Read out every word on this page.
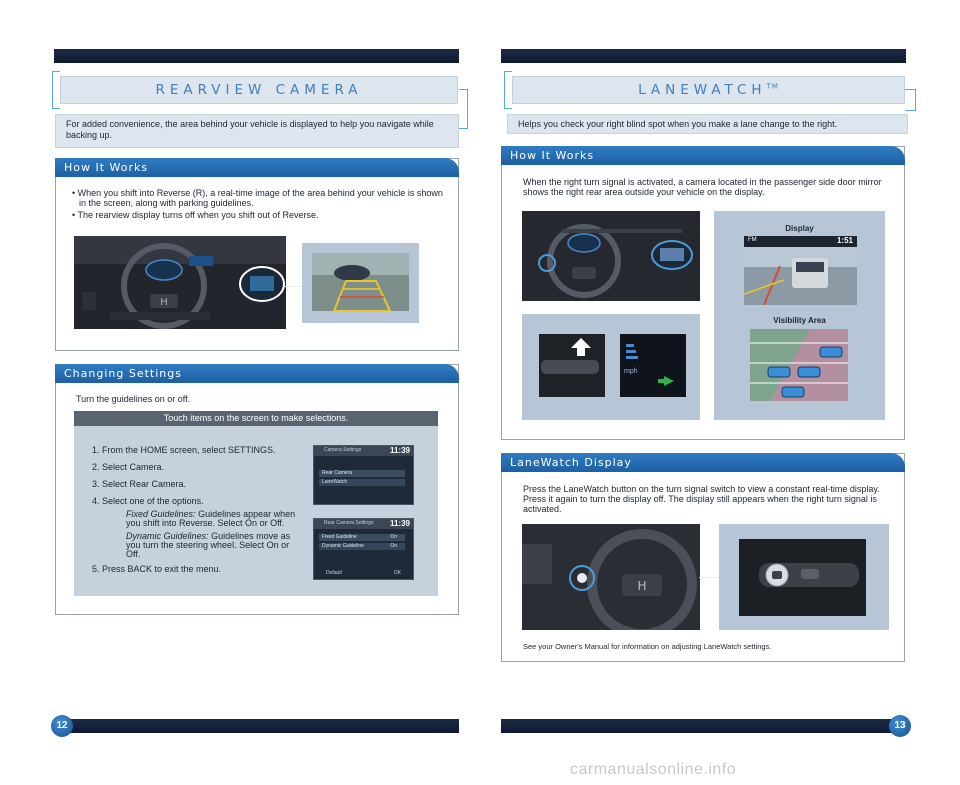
REARVIEW CAMERA
For added convenience, the area behind your vehicle is displayed to help you navigate while backing up.
How It Works
• When you shift into Reverse (R), a real-time image of the area behind your vehicle is shown in the screen, along with parking guidelines.
• The rearview display turns off when you shift out of Reverse.
H
Changing Settings
Turn the guidelines on or off.
Touch items on the screen to make selections.
1. From the HOME screen, select SETTINGS.
2. Select Camera.
3. Select Rear Camera.
4. Select one of the options.
Fixed Guidelines: Guidelines appear when you shift into Reverse. Select On or Off.
Dynamic Guidelines: Guidelines move as you turn the steering wheel. Select On or Off.
5. Press BACK to exit the menu.
Camera Settings	11:39
Rear Camera
LaneWatch
Rear Camera Settings 11:39
Fixed Guideline	On
Dynamic Guideline	On
Default	OK
12
LANEWATCH™
Helps you check your right blind spot when you make a lane change to the right.
How It Works
When the right turn signal is activated, a camera located in the passenger side door mirror shows the right rear area outside your vehicle on the display.
mph
Display
FM	1:51
Visibility Area
LaneWatch Display
Press the LaneWatch button on the turn signal switch to view a constant real-time display. Press it again to turn the display off. The display still appears when the right turn signal is activated.
H
See your Owner's Manual for information on adjusting LaneWatch settings.
13
carmanualsonline.info
